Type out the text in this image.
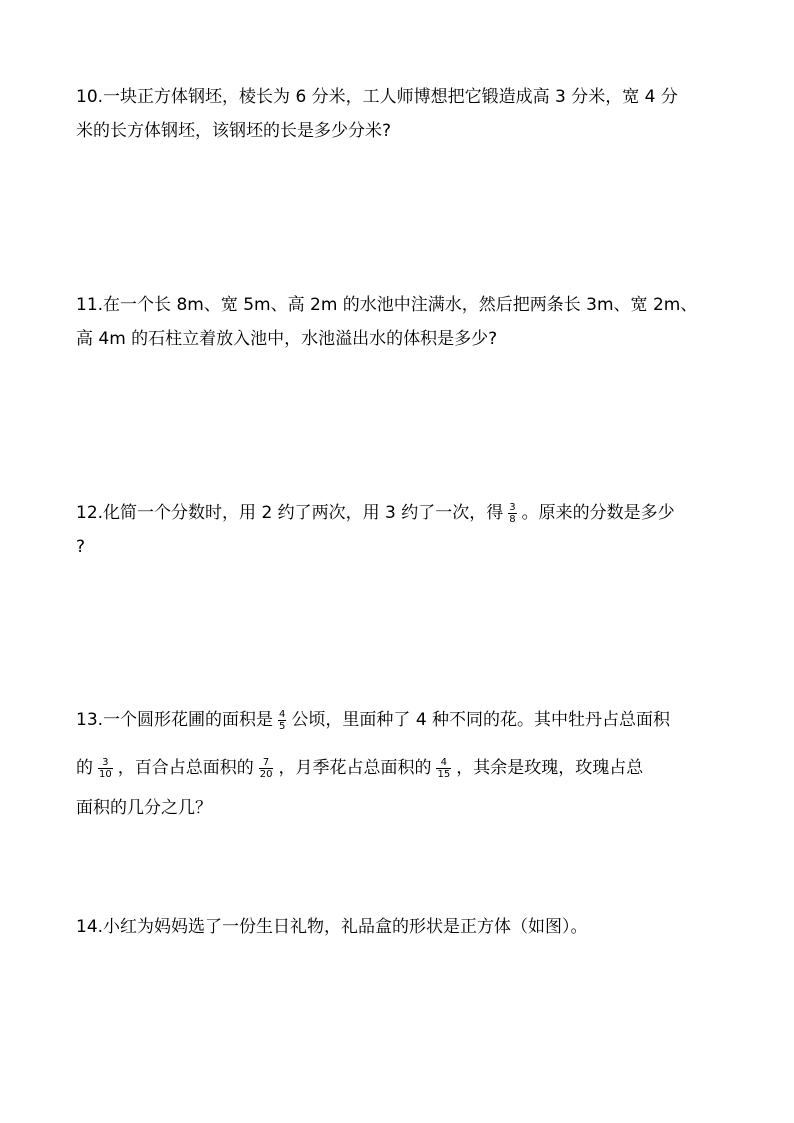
10.一块正方体钢坯，棱长为 6 分米，工人师博想把它锻造成高 3 分米，宽 4 分
米的长方体钢坯，该钢坯的长是多少分米?
11.在一个长 8m、宽 5m、高 2m 的水池中注满水，然后把两条长 3m、宽 2m、
高 4m 的石柱立着放入池中，水池溢出水的体积是多少?
12.化简一个分数时，用 2 约了两次，用 3 约了一次，得 $\frac{3}{8}$ 。原来的分数是多少
?
13.一个圆形花圃的面积是 $\frac{4}{5}$ 公顷，里面种了 4 种不同的花。其中牡丹占总面积
的 $\frac{3}{10}$ ，百合占总面积的 $\frac{7}{20}$ ，月季花占总面积的 $\frac{4}{15}$ ，其余是玫瑰，玫瑰占总
面积的几分之几？
14.小红为妈妈选了一份生日礼物，礼品盒的形状是正方体（如图）。
